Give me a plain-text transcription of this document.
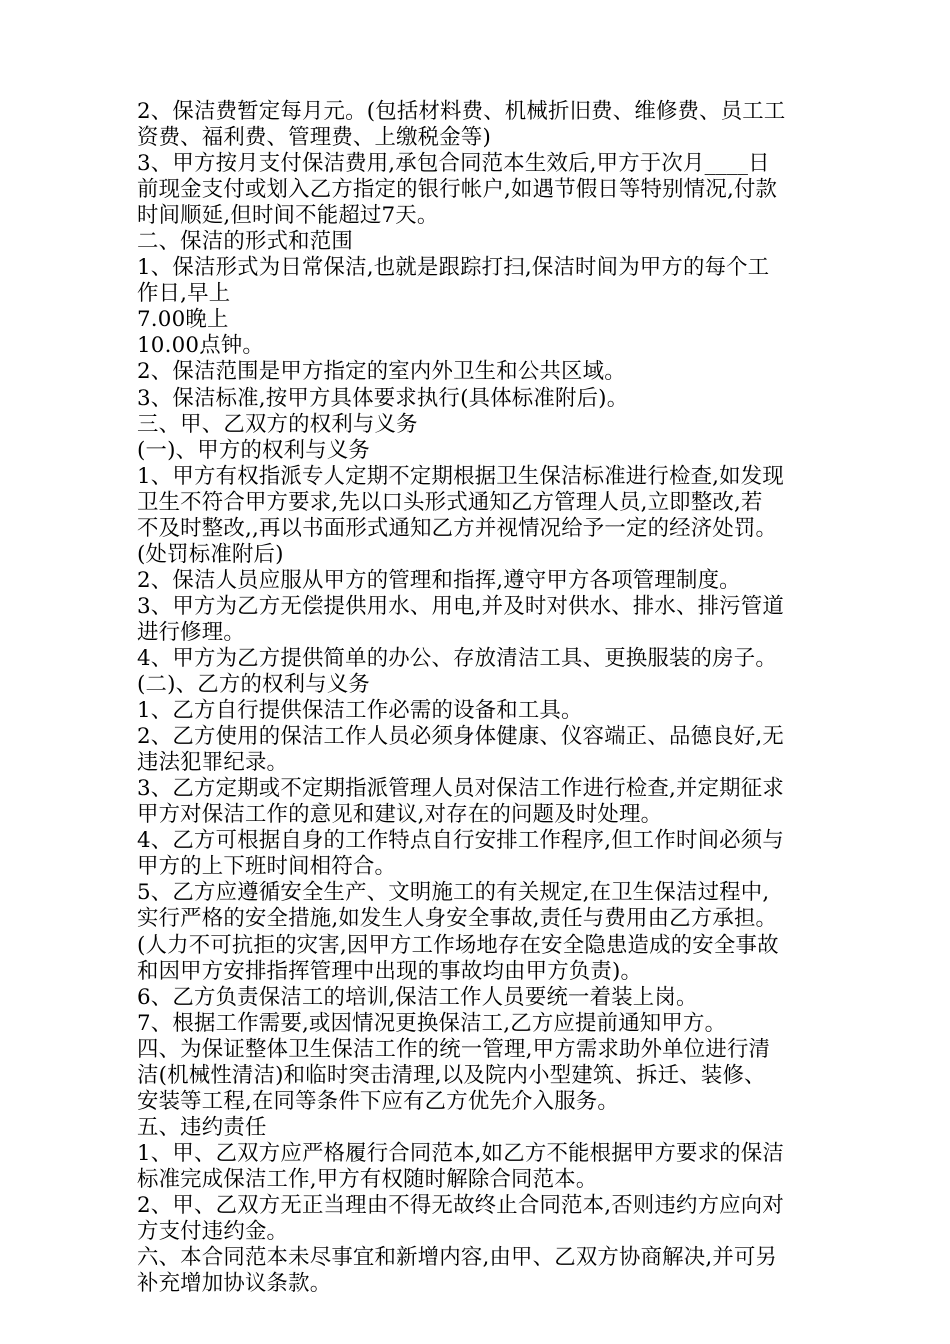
2、保洁费暂定每月元。(包括材料费、机械折旧费、维修费、员工工
资费、福利费、管理费、上缴税金等)
3、甲方按月支付保洁费用,承包合同范本生效后,甲方于次月____日
前现金支付或划入乙方指定的银行帐户,如遇节假日等特别情况,付款
时间顺延,但时间不能超过7天。
二、保洁的形式和范围
1、保洁形式为日常保洁,也就是跟踪打扫,保洁时间为甲方的每个工
作日,早上
7.00晚上
10.00点钟。
2、保洁范围是甲方指定的室内外卫生和公共区域。
3、保洁标准,按甲方具体要求执行(具体标准附后)。
三、甲、乙双方的权利与义务
(一)、甲方的权利与义务
1、甲方有权指派专人定期不定期根据卫生保洁标准进行检查,如发现
卫生不符合甲方要求,先以口头形式通知乙方管理人员,立即整改,若
不及时整改,,再以书面形式通知乙方并视情况给予一定的经济处罚。
(处罚标准附后)
2、保洁人员应服从甲方的管理和指挥,遵守甲方各项管理制度。
3、甲方为乙方无偿提供用水、用电,并及时对供水、排水、排污管道
进行修理。
4、甲方为乙方提供简单的办公、存放清洁工具、更换服装的房子。
(二)、乙方的权利与义务
1、乙方自行提供保洁工作必需的设备和工具。
2、乙方使用的保洁工作人员必须身体健康、仪容端正、品德良好,无
违法犯罪纪录。
3、乙方定期或不定期指派管理人员对保洁工作进行检查,并定期征求
甲方对保洁工作的意见和建议,对存在的问题及时处理。
4、乙方可根据自身的工作特点自行安排工作程序,但工作时间必须与
甲方的上下班时间相符合。
5、乙方应遵循安全生产、文明施工的有关规定,在卫生保洁过程中,
实行严格的安全措施,如发生人身安全事故,责任与费用由乙方承担。
(人力不可抗拒的灾害,因甲方工作场地存在安全隐患造成的安全事故
和因甲方安排指挥管理中出现的事故均由甲方负责)。
6、乙方负责保洁工的培训,保洁工作人员要统一着装上岗。
7、根据工作需要,或因情况更换保洁工,乙方应提前通知甲方。
四、为保证整体卫生保洁工作的统一管理,甲方需求助外单位进行清
洁(机械性清洁)和临时突击清理,以及院内小型建筑、拆迁、装修、
安装等工程,在同等条件下应有乙方优先介入服务。
五、违约责任
1、甲、乙双方应严格履行合同范本,如乙方不能根据甲方要求的保洁
标准完成保洁工作,甲方有权随时解除合同范本。
2、甲、乙双方无正当理由不得无故终止合同范本,否则违约方应向对
方支付违约金。
六、本合同范本未尽事宜和新增内容,由甲、乙双方协商解决,并可另
补充增加协议条款。
